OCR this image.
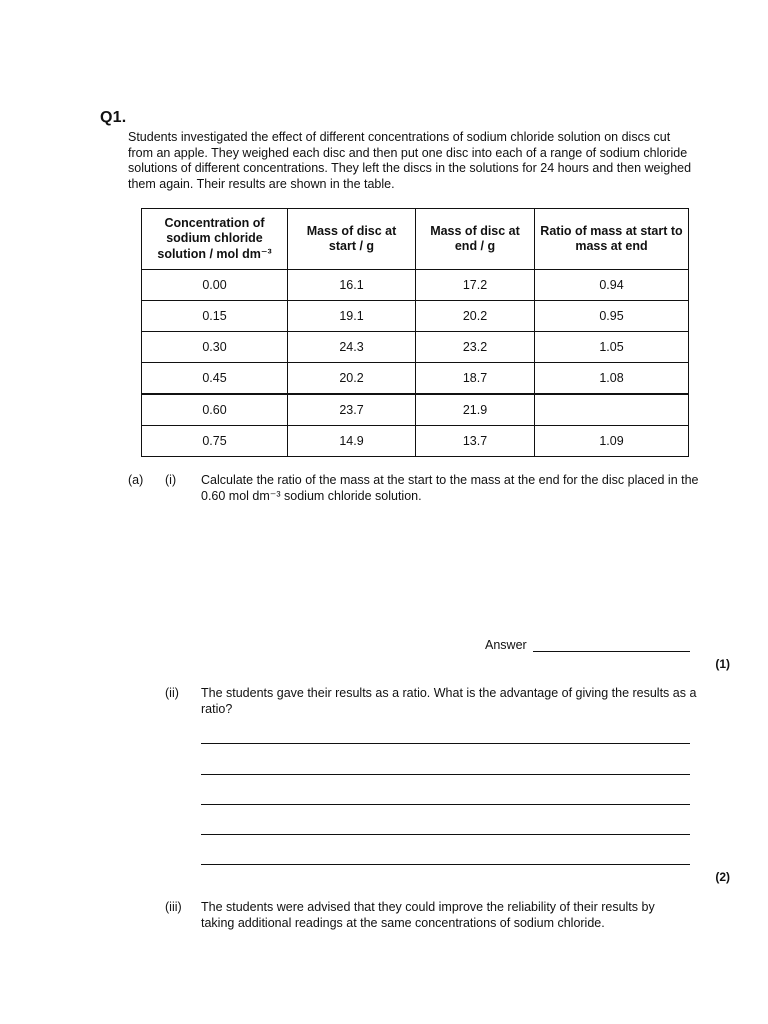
Q1.
Students investigated the effect of different concentrations of sodium chloride solution on discs cut from an apple. They weighed each disc and then put one disc into each of a range of sodium chloride solutions of different concentrations. They left the discs in the solutions for 24 hours and then weighed them again. Their results are shown in the table.
Concentration of sodium chloride solution / mol dm⁻³	Mass of disc at start / g	Mass of disc at end / g	Ratio of mass at start to mass at end
0.00	16.1	17.2	0.94
0.15	19.1	20.2	0.95
0.30	24.3	23.2	1.05
0.45	20.2	18.7	1.08
0.60	23.7	21.9	
0.75	14.9	13.7	1.09
(a) (i) Calculate the ratio of the mass at the start to the mass at the end for the disc placed in the 0.60 mol dm⁻³ sodium chloride solution.
Answer
(1)
(ii) The students gave their results as a ratio. What is the advantage of giving the results as a ratio?
(2)
(iii) The students were advised that they could improve the reliability of their results by taking additional readings at the same concentrations of sodium chloride.
